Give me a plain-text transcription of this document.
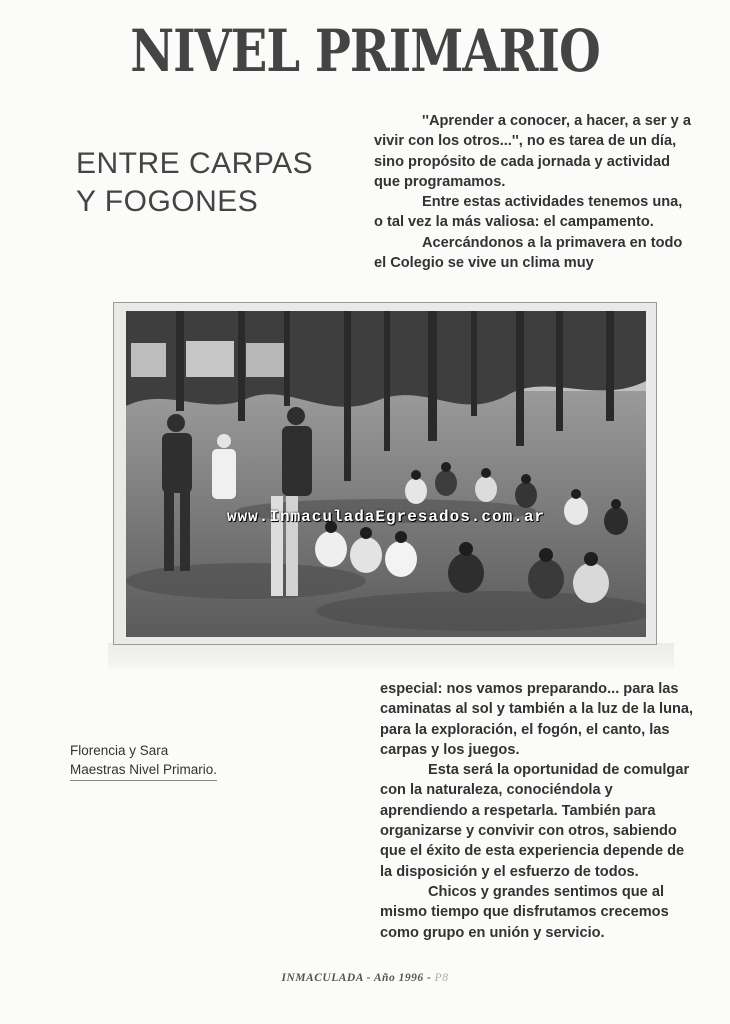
NIVEL PRIMARIO
ENTRE CARPAS
Y FOGONES

''Aprender a conocer, a hacer, a ser y a

vivir con los otros...'', no es tarea de un día,

sino propósito de cada jornada y actividad

que programamos.

Entre estas actividades tenemos una,

o tal vez la más valiosa: el campamento.

Acercándonos a la primavera en todo

el Colegio se vive un clima muy

www.InmaculadaEgresados.com.ar
Florencia y Sara
Maestras Nivel Primario.

especial: nos vamos preparando... para las

caminatas al sol y también a la luz de la luna,

para la exploración, el fogón, el canto, las

carpas y los juegos.

Esta será la oportunidad de comulgar

con la naturaleza, conociéndola y

aprendiendo a respetarla. También para

organizarse y convivir con otros, sabiendo

que el éxito de esta experiencia depende de

la disposición y el esfuerzo de todos.

Chicos y grandes sentimos que al

mismo tiempo que disfrutamos crecemos

como grupo en unión y servicio.

INMACULADA - Año 1996 - P8
